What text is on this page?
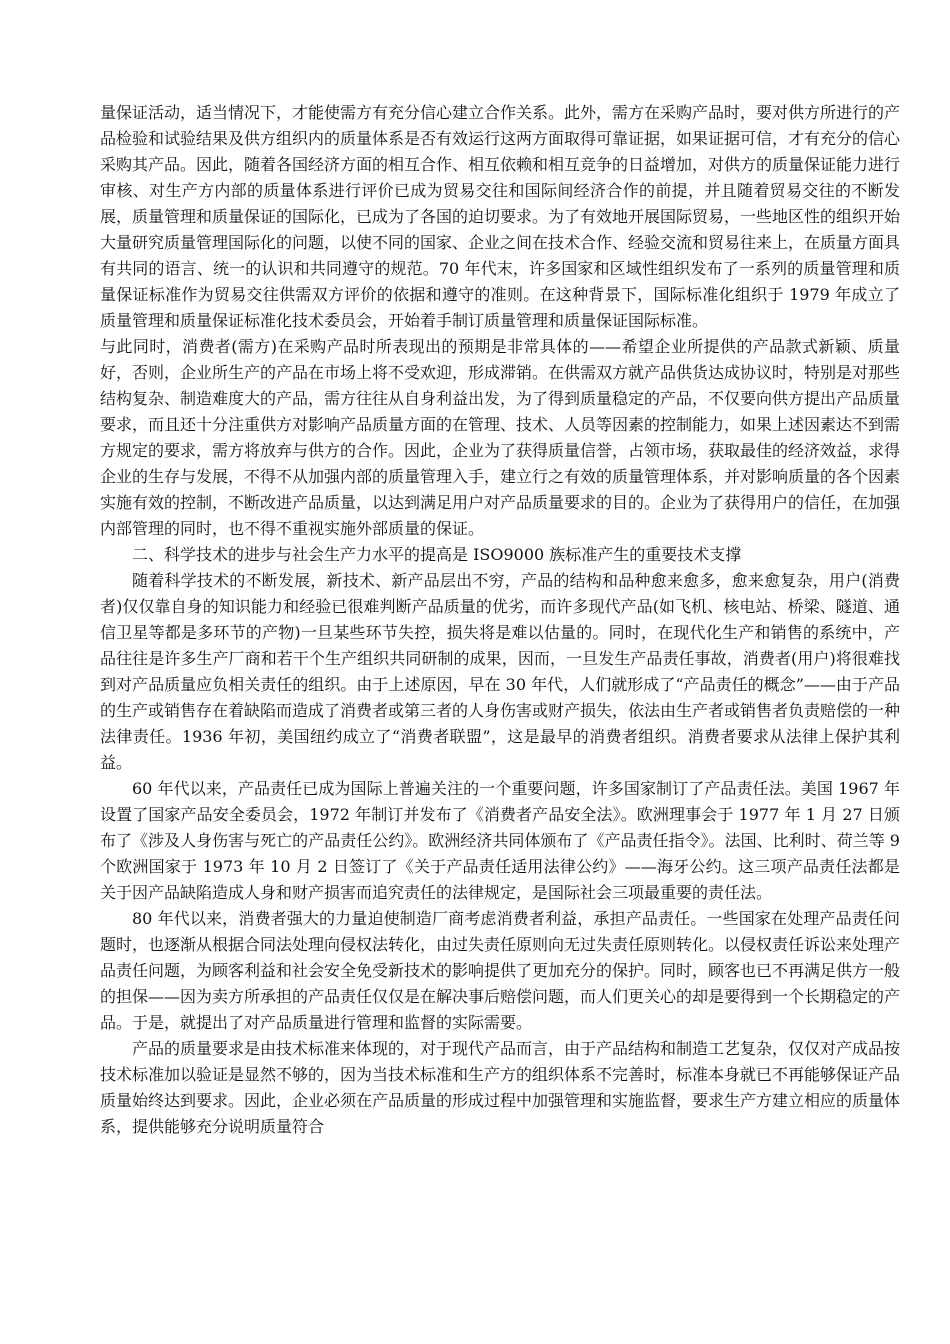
量保证活动，适当情况下，才能使需方有充分信心建立合作关系。此外，需方在采购产品时，要对供方所进行的产品检验和试验结果及供方组织内的质量体系是否有效运行这两方面取得可靠证据，如果证据可信，才有充分的信心采购其产品。因此，随着各国经济方面的相互合作、相互依赖和相互竞争的日益增加，对供方的质量保证能力进行审核、对生产方内部的质量体系进行评价已成为贸易交往和国际间经济合作的前提，并且随着贸易交往的不断发展，质量管理和质量保证的国际化，已成为了各国的迫切要求。为了有效地开展国际贸易，一些地区性的组织开始大量研究质量管理国际化的问题，以使不同的国家、企业之间在技术合作、经验交流和贸易往来上，在质量方面具有共同的语言、统一的认识和共同遵守的规范。70 年代末，许多国家和区域性组织发布了一系列的质量管理和质量保证标准作为贸易交往供需双方评价的依据和遵守的准则。在这种背景下，国际标准化组织于 1979 年成立了质量管理和质量保证标准化技术委员会，开始着手制订质量管理和质量保证国际标准。

与此同时，消费者(需方)在采购产品时所表现出的预期是非常具体的——希望企业所提供的产品款式新颖、质量好，否则，企业所生产的产品在市场上将不受欢迎，形成滞销。在供需双方就产品供货达成协议时，特别是对那些结构复杂、制造难度大的产品，需方往往从自身利益出发，为了得到质量稳定的产品，不仅要向供方提出产品质量要求，而且还十分注重供方对影响产品质量方面的在管理、技术、人员等因素的控制能力，如果上述因素达不到需方规定的要求，需方将放弃与供方的合作。因此，企业为了获得质量信誉，占领市场，获取最佳的经济效益，求得企业的生存与发展，不得不从加强内部的质量管理入手，建立行之有效的质量管理体系，并对影响质量的各个因素实施有效的控制，不断改进产品质量，以达到满足用户对产品质量要求的目的。企业为了获得用户的信任，在加强内部管理的同时，也不得不重视实施外部质量的保证。

二、科学技术的进步与社会生产力水平的提高是 ISO9000 族标准产生的重要技术支撑

随着科学技术的不断发展，新技术、新产品层出不穷，产品的结构和品种愈来愈多，愈来愈复杂，用户(消费者)仅仅靠自身的知识能力和经验已很难判断产品质量的优劣，而许多现代产品(如飞机、核电站、桥梁、隧道、通信卫星等都是多环节的产物)一旦某些环节失控，损失将是难以估量的。同时，在现代化生产和销售的系统中，产品往往是许多生产厂商和若干个生产组织共同研制的成果，因而，一旦发生产品责任事故，消费者(用户)将很难找到对产品质量应负相关责任的组织。由于上述原因，早在 30 年代，人们就形成了“产品责任的概念”——由于产品的生产或销售存在着缺陷而造成了消费者或第三者的人身伤害或财产损失，依法由生产者或销售者负责赔偿的一种法律责任。1936 年初，美国纽约成立了“消费者联盟”，这是最早的消费者组织。消费者要求从法律上保护其利益。

60 年代以来，产品责任已成为国际上普遍关注的一个重要问题，许多国家制订了产品责任法。美国 1967 年设置了国家产品安全委员会，1972 年制订并发布了《消费者产品安全法》。欧洲理事会于 1977 年 1 月 27 日颁布了《涉及人身伤害与死亡的产品责任公约》。欧洲经济共同体颁布了《产品责任指令》。法国、比利时、荷兰等 9 个欧洲国家于 1973 年 10 月 2 日签订了《关于产品责任适用法律公约》——海牙公约。这三项产品责任法都是关于因产品缺陷造成人身和财产损害而追究责任的法律规定，是国际社会三项最重要的责任法。

80 年代以来，消费者强大的力量迫使制造厂商考虑消费者利益，承担产品责任。一些国家在处理产品责任问题时，也逐渐从根据合同法处理向侵权法转化，由过失责任原则向无过失责任原则转化。以侵权责任诉讼来处理产品责任问题，为顾客利益和社会安全免受新技术的影响提供了更加充分的保护。同时，顾客也已不再满足供方一般的担保——因为卖方所承担的产品责任仅仅是在解决事后赔偿问题，而人们更关心的却是要得到一个长期稳定的产品。于是，就提出了对产品质量进行管理和监督的实际需要。

产品的质量要求是由技术标准来体现的，对于现代产品而言，由于产品结构和制造工艺复杂，仅仅对产成品按技术标准加以验证是显然不够的，因为当技术标准和生产方的组织体系不完善时，标准本身就已不再能够保证产品质量始终达到要求。因此，企业必须在产品质量的形成过程中加强管理和实施监督，要求生产方建立相应的质量体系，提供能够充分说明质量符合
